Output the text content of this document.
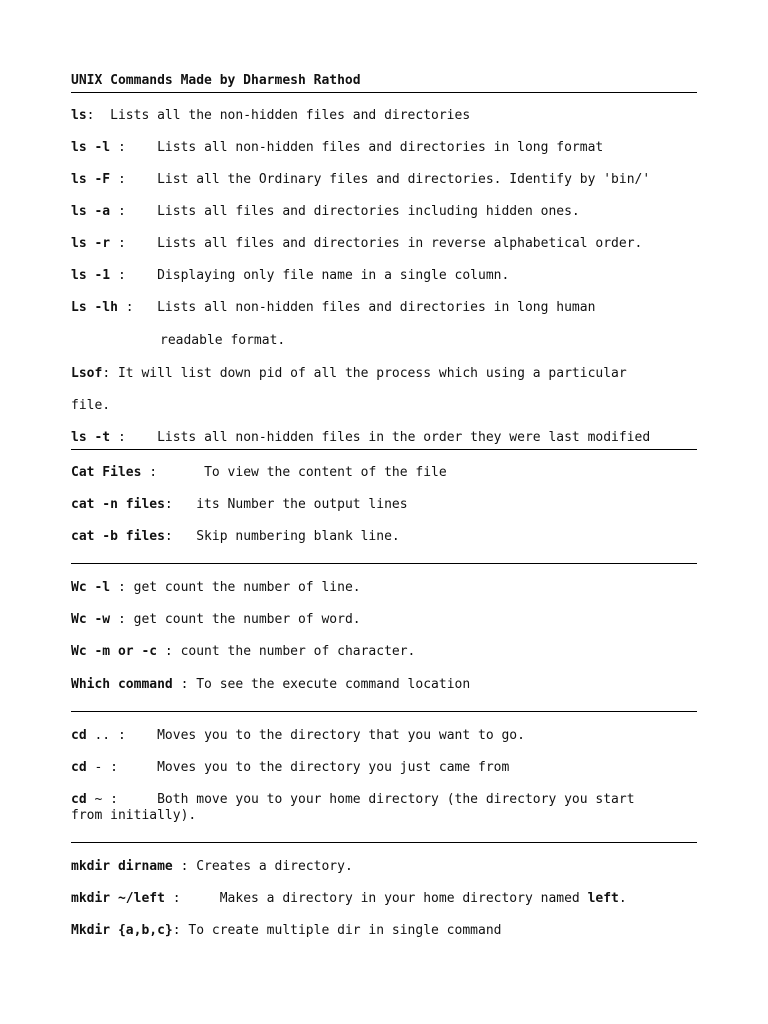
UNIX Commands Made by Dharmesh Rathod
ls:  Lists all the non-hidden files and directories
ls -l :    Lists all non-hidden files and directories in long format
ls -F :    List all the Ordinary files and directories. Identify by 'bin/'
ls -a :    Lists all files and directories including hidden ones.
ls -r :    Lists all files and directories in reverse alphabetical order.
ls -1 :    Displaying only file name in a single column.
Ls -lh :   Lists all non-hidden files and directories in long human
readable format.
Lsof: It will list down pid of all the process which using a particular
file.
ls -t :    Lists all non-hidden files in the order they were last modified
Cat Files :      To view the content of the file
cat -n files:   its Number the output lines
cat -b files:   Skip numbering blank line.
Wc -l : get count the number of line.
Wc -w : get count the number of word.
Wc -m or -c : count the number of character.
Which command : To see the execute command location
cd .. :    Moves you to the directory that you want to go.
cd - :     Moves you to the directory you just came from
cd ~ :     Both move you to your home directory (the directory you start
from initially).
mkdir dirname : Creates a directory.
mkdir ~/left :     Makes a directory in your home directory named left.
Mkdir {a,b,c}: To create multiple dir in single command
